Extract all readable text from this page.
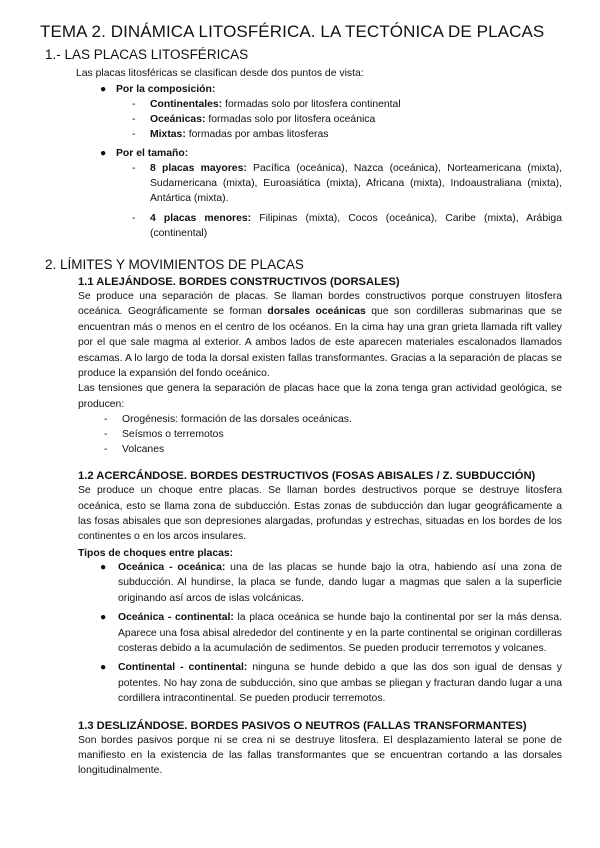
TEMA 2. DINÁMICA LITOSFÉRICA. LA TECTÓNICA DE PLACAS
1.- LAS PLACAS LITOSFÉRICAS
Las placas litosféricas se clasifican desde dos puntos de vista:
● Por la composición:
- Continentales: formadas solo por litosfera continental
- Oceánicas: formadas solo por litosfera oceánica
- Mixtas: formadas por ambas litosferas
● Por el tamaño:
- 8 placas mayores: Pacífica (oceánica), Nazca (oceánica), Norteamericana (mixta), Sudamericana (mixta), Euroasiática (mixta), Africana (mixta), Indoaustraliana (mixta), Antártica (mixta).
- 4 placas menores: Filipinas (mixta), Cocos (oceánica), Caribe (mixta), Arábiga (continental)
2. LÍMITES Y MOVIMIENTOS DE PLACAS
1.1 ALEJÁNDOSE. BORDES CONSTRUCTIVOS (DORSALES)

Se produce una separación de placas. Se llaman bordes constructivos porque construyen litosfera oceánica. Geográficamente se forman dorsales oceánicas que son cordilleras submarinas que se encuentran más o menos en el centro de los océanos. En la cima hay una gran grieta llamada rift valley por el que sale magma al exterior. A ambos lados de este aparecen materiales escalonados llamados escamas. A lo largo de toda la dorsal existen fallas transformantes. Gracias a la separación de placas se produce la expansión del fondo oceánico.

Las tensiones que genera la separación de placas hace que la zona tenga gran actividad geológica, se producen:

- Orogénesis: formación de las dorsales oceánicas.
- Seísmos o terremotos
- Volcanes
1.2 ACERCÁNDOSE. BORDES DESTRUCTIVOS (FOSAS ABISALES / Z. SUBDUCCIÓN)

Se produce un choque entre placas. Se llaman bordes destructivos porque se destruye litosfera oceánica, esto se llama zona de subducción. Estas zonas de subducción dan lugar geográficamente a las fosas abisales que son depresiones alargadas, profundas y estrechas, situadas en los bordes de los continentes o en los arcos insulares.

Tipos de choques entre placas:
● Oceánica - oceánica: una de las placas se hunde bajo la otra, habiendo así una zona de subducción. Al hundirse, la placa se funde, dando lugar a magmas que salen a la superficie originando así arcos de islas volcánicas.
● Oceánica - continental: la placa oceánica se hunde bajo la continental por ser la más densa. Aparece una fosa abisal alrededor del continente y en la parte continental se originan cordilleras costeras debido a la acumulación de sedimentos. Se pueden producir terremotos y volcanes.
● Continental - continental: ninguna se hunde debido a que las dos son igual de densas y potentes. No hay zona de subducción, sino que ambas se pliegan y fracturan dando lugar a una cordillera intracontinental. Se pueden producir terremotos.
1.3 DESLIZÁNDOSE. BORDES PASIVOS O NEUTROS (FALLAS TRANSFORMANTES)

Son bordes pasivos porque ni se crea ni se destruye litosfera. El desplazamiento lateral se pone de manifiesto en la existencia de las fallas transformantes que se encuentran cortando a las dorsales longitudinalmente.
